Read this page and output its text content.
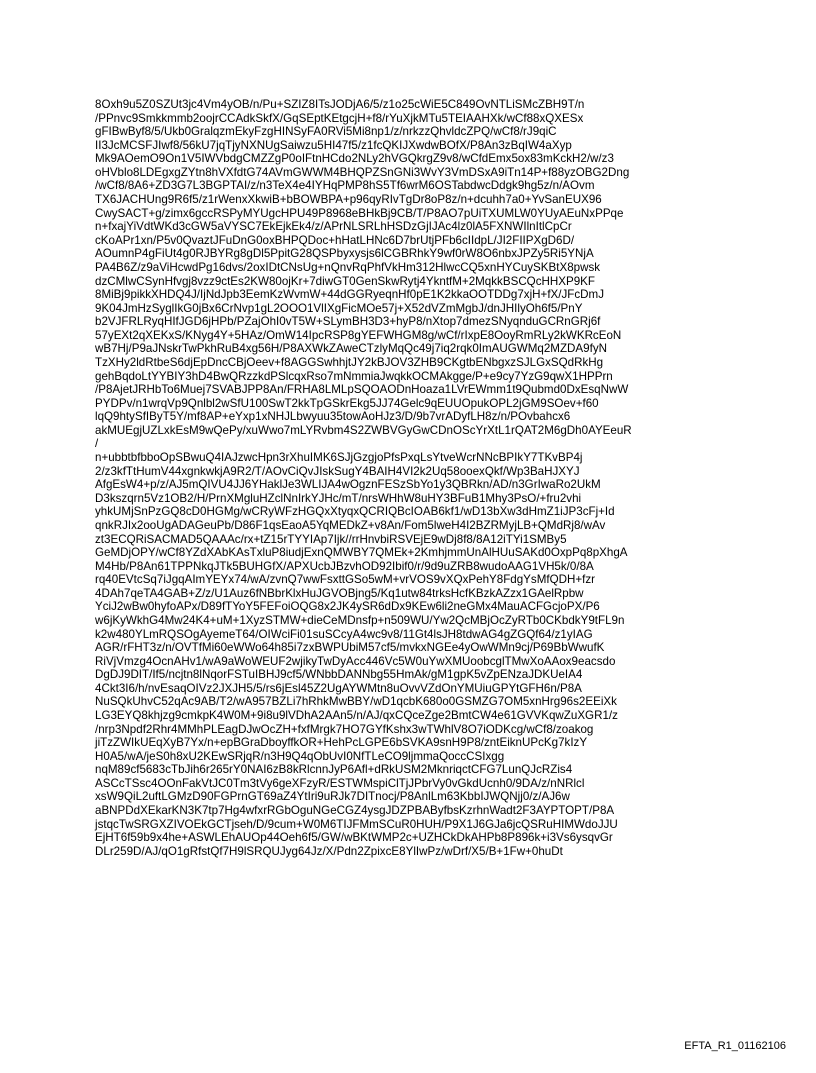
8Oxh9u5Z0SZUt3jc4Vm4yOB/n/Pu+SZIZ8ITsJODjA6/5/z1o25cWiE5C849OvNTLiSMcZBH9T/n
/PPnvc9Smkkmmb2oojrCCAdkSkfX/GqSEptKEtgcjH+f8/rYuXjkMTu5TEIAAHXk/wCf88xQXESx
gFIBwByf8/5/Ukb0GralqzmEkyFzgHINSyFA0RVi5Mi8np1/z/nrkzzQhvldcZPQ/wCf8/rJ9qiC
II3JcMCSFJIwf8/56kU7jqTjyNXNUgSaiwzu5HI47f5/z1fcQKIJXwdwBOfX/P8An3zBqIW4aXyp
Mk9AOemO9On1V5IWVbdgCMZZgP0oIFtnHCdo2NLy2hVGQkrgZ9v8/wCfdEmx5ox83mKckH2/w/z3
oHVblo8LDEgxgZYtn8hVXfdtG74AVmGWWM4BHQPZSnGNi3WvY3VmDSxA9iTn14P+f88yzOBG2Dng
/wCf8/8A6+ZD3G7L3BGPTAI/z/n3TeX4e4IYHqPMP8hS5Tf6wrM6OSTabdwcDdgk9hg5z/n/AOvm
TX6JACHUng9R6f5/z1rWenxXkwiB+bBOWBPA+p96qyRIvTgDr8oP8z/n+dcuhh7a0+YvSanEUX96
CwySACT+g/zimx6gccRSPyMYUgcHPU49P8968eBHkBj9CB/T/P8AO7pUiTXUMLW0YUyAEuNxPPqe
n+fxajYiVdtWKd3cGW5aVYSC7EkEjkEk4/z/APrNLSRLhHSDzGjIJAc4lz0lA5FXNWIlnItlCpCr
cKoAPr1xn/P5v0QvaztJFuDnG0oxBHPQDoc+hHatLHNc6D7brUtjPFb6cIIdpL/JI2FIIPXgD6D/
AOumnP4gFiUt4g0RJBYRg8gDl5PpitG28QSPbyxysjs6lCGBRhkY9wf0rW8O6nbxJPZy5Ri5YNjA
PA4B6Z/z9aViHcwdPg16dvs/2oxIDtCNsUg+nQnvRqPhfVkHm312HlwcCQ5xnHYCuySKBtX8pwsk
dzCMlwCSynHfvgj8vzz9ctEs2KW80ojKr+7diwGT0GenSkwRytj4YkntfM+2MqkkBSCQcHHXP9KF
8MiBj9pikkXHDQ4J/IjNdJpb3EemKzWvmW+44dGGRyeqnHf0pE1K2kkaOOTDDg7xjH+fX/JFcDmJ
9K04JmHzSyglIkG0jBx6CrNvp1gL2OOO1VlIXgFicMOe57j+X52dVZmMgbJ/dnJHIlyOh6f5/PnY
b2VJFRLRyqHIfJGD6jHPb/PZajOhI0vT5W+SLymBH3D3+hyP8/nXtop7dmezSNyqnduGCRnGRj6f
57yEXt2qXEKxS/KNyg4Y+5HAz/OmW14IpcRSP8gYEFWHGM8g/wCf/rIxpE8OoyRmRLy2kWKRcEoN
wB7Hj/P9aJNskrTwPkhRuB4xg56H/P8AXWkZAweCTzlyMqQc49j7iq2rqk0ImAUGWMq2MZDA9fyN
TzXHy2ldRtbeS6djEpDncCBjOeev+f8AGGSwhhjtJY2kBJOV3ZHB9CKgtbENbgxzSJLGxSQdRkHg
gehBqdoLtYYBIY3hD4BwQRzzkdPSlcqxRso7mNmmiaJwqkkOCMAkgge/P+e9cy7YzG9qwX1HPPrn
/P8AjetJRHbTo6Muej7SVABJPP8An/FRHA8LMLpSQOAODnHoaza1LVrEWmm1t9Qubmd0DxEsqNwW
PYDPv/n1wrqVp9Qnlbl2wSfU100SwT2kkTpGSkrEkg5JJ74Gelc9qEUUOpukOPL2jGM9SOev+f60
lqQ9htySfIByT5Y/mf8AP+eYxp1xNHJLbwyuu35towAoHJz3/D/9b7vrADyfLH8z/n/POvbahcx6
akMUEgjUZLxkEsM9wQePy/xuWwo7mLYRvbm4S2ZWBVGyGwCDnOScYrXtL1rQAT2M6gDh0AYEeuR
/
n+ubbtbfbboOpSBwuQ4IAJzwcHpn3rXhuIMK6SJjGzgjoPfsPxqLsYtveWcrNNcBPIkY7TKvBP4j
2/z3kfTtHumV44xgnkwkjA9R2/T/AOvCiQvJIskSugY4BAIH4VI2k2Uq58ooexQkf/Wp3BaHJXYJ
AfgEsW4+p/z/AJ5mQIVU4JJ6YHaklJe3WLIJA4wOgznFESzSbYo1y3QBRkn/AD/n3GrIwaRo2UkM
D3kszqrn5Vz1OB2/H/PrnXMgluHZclNnIrkYJHc/mT/nrsWHhW8uHY3BFuB1Mhy3PsO/+fru2vhi
yhkUMjSnPzGQ8cD0HGMg/wCRyWFzHGQxXtyqxQCRIQBcIOAB6kf1/wD13bXw3dHmZ1iJP3cFj+Id
qnkRJIx2ooUgADAGeuPb/D86F1qsEaoA5YqMEDkZ+v8An/Fom5lweH4I2BZRMyjLB+QMdRj8/wAv
zt3ECQRiSACMAD5QAAAc/rx+tZ15rTYYIAp7Ijk//rrHnvbiRSVEjE9wDj8f8/8A12iTYi1SMBy5
GeMDjOPY/wCf8YZdXAbKAsTxluP8iudjExnQMWBY7QMEk+2KmhjmmUnAlHUuSAKd0OxpPq8pXhgA
M4Hb/P8An61TPPNkqJTk5BUHGfX/APXUcbJBzvhOD92Ibif0/r/9d9uZRB8wudoAAG1VH5k/0/8A
rq40EVtcSq7iJgqAImYEYx74/wA/zvnQ7wwFsxttGSo5wM+vrVOS9vXQxPehY8FdgYsMfQDH+fzr
4DAh7qeTA4GAB+Z/z/U1Auz6fNBbrKlxHuJGVOBjng5/Kq1utw84trksHcfKBzkAZzx1GAelRpbw
YciJ2wBw0hyfoAPx/D89fTYoY5FEFoiOQG8x2JK4ySR6dDx9KEw6li2neGMx4MauACFGcjoPX/P6
w6jKyWkhG4Mw24K4+uM+1XyzSTMW+dieCeMDnsfp+n509WU/Yw2QcMBjOcZyRTb0CKbdkY9tFL9n
k2w480YLmRQSOgAyemeT64/OIWciFi01suSCcyA4wc9v8/11Gt4lsJH8tdwAG4gZGQf64/z1yIAG
AGR/rFHT3z/n/OVTfMi60eWWo64h85i7zxBWPUbiM57cf5/mvkxNGEe4yOwWMn9cj/P69BbWwufK
RiVjVmzg4OcnAHv1/wA9aWoWEUF2wjikyTwDyAcc446Vc5W0uYwXMUoobcglTMwXoAAox9eacsdo
DgDJ9DIT/If5/ncjtn8lNqorFSTuIBHJ9cf5/WNbbDANNbg55HmAk/gM1gpK5vZpENzaJDKUeIA4
4Ckt3I6/h/nvEsaqOIVz2JXJH5/5/rs6jEsl45Z2UgAYWMtn8uOvvVZdOnYMUiuGPYtGFH6n/P8A
NuSQkUhvC52qAc9AB/T2/wA957BZLi7hRhkMwBBY/wD1qcbK680o0GSMZG7OM5xnHrg96s2EEiXk
LG3EYQ8khjzg9cmkpK4W0M+9i8u9lVDhA2AAn5/n/AJ/qxCQceZge2BmtCW4e61GVVKqwZuXGR1/z
/nrp3Npdf2Rhr4MMhPLEagDJwOcZH+fxfMrgk7HO7GYfKshx3wTWhlV8O7iODKcg/wCf8/zoakog
jiTzZWIkUEqXyB7Yx/n+epBGraDboyffkOR+HehPcLGPE6bSVKA9snH9P8/zntEiknUPcKg7kIzY
H0A5/wA/jeS0h8xU2KEwSRjqR/n3H9Q4qObUvI0NfTLeCO9ljmmaQoccCSIxgg
nqM89cf5683cTbJih6r265rY0NAI6zB8kRlcnnJyP6Afl+dRkUSM2MknriqctCFG7LunQJcRZis4
ASCcTSsc4OOnFakVtJC0Tm3tVy6geXFzyR/ESTWMspiClTjJPbrVy0vGkdUcnh0/9DA/z/nNRlcl
xsW9QiL2uftLGMzD90FGPrnGT69aZ4YtIri9uRJk7DITnocj/P8AnlLm63KbbIJWQNjj0/z/AJ6w
aBNPDdXEkarKN3K7tp7Hg4wfxrRGbOguNGeCGZ4ysgJDZPBAByfbsKzrhnWadt2F3AYPTOPT/P8A
jstqcTwSRGXZIVOEkGCTjseh/D/9cum+W0M6TIJFMmSCuR0HUH/P9X1J6GJa6jcQSRuHIMWdoJJU
EjHT6f59b9x4he+ASWLEhAUOp44Oeh6f5/GW/wBKtWMP2c+UZHCkDkAHPb8P896k+i3Vs6ysqvGr
DLr259D/AJ/qO1gRfstQf7H9lSRQUJyg64Jz/X/Pdn2ZpixcE8YlIwPz/wDrf/X5/B+1Fw+0huDt
EFTA_R1_01162106
